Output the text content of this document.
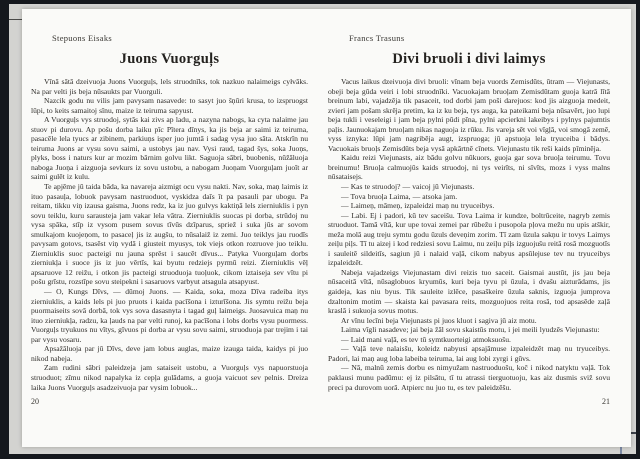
Stepuons Eisaks
Juons Vuorguļs

Vīnā sātā dzeivuoja Juons Vuorguļs, lels struodnīks, tok nazkuo nalaimeigs cyłvāks. Na par velti jis beja nūsaukts par Vuorguli.

Nazcik godu nu vilis jam pavysam nasavede: to sasyt juo šņūri krusa, to izspruogst lūpi, to keits samaitoj sīnu, maize iz teiruma sapyust.

A Vuorguļs vys struodoj, sytās kai zivs ap ladu, a nazyna nabogs, ka cyta nalaime jau stuov pi durovu. Ap pošu dorba laiku pīc Pītera dīnys, ka jis beja ar saimi iz teiruma, pasacēle lela tyucs ar zibinem, parkiuņs isper juo jumtā i sadag vysa juo sāta. Atskrīn nu teiruma Juons ar vysu sovu saimi, a ustobys jau nav. Vysi raud, tagad šys, soka Juoņs, plyks, boss i naturs kur ar mozim bārnim golvu likt. Saguoja sābri, buobenis, nūžāluoja naboga Juoņa i aizguoja sevkurs iz sovu ustobu, a nabogam Juoņam Vuorguļam juoīt ar saimi gulēt iz kulu.

Te apjēme jū taida bāda, ka navareja aizmigt ocu vysu nakti. Nav, soka, maņ laimis iz ituo pasauļa, lobuok pavysam nastruoduot, vyskidza daīs īt pa pasauli par ubogu. Pa reitam, tikku viņ izausa gaisma, Juons redz, ka iz juo gulvys kaktiņā lels zierniuklis i pyn sovu teiklu, kuru sarausteja jam vakar lela vātra. Zierniuklis suocas pi dorba, strūdoj nu vysa spāka, stīp iz vysom pusem sovus tīvūs dzīparus, spriež i suka jūs ar sovom smulkajom kuojeņom, to pasaceļ jis iz augšu, to nūsalaiž iz zemi. Juo teiklys jau ruodīs pavysam gotovs, tsasēst viņ vydā i giusteit myusys, tok viejs otkon rozruove juo teiklu. Zierniuklis suoc pacteigi nu jauna sprēst i saucēt dīvus... Patyka Vuorguļam dorbs zierniukļa i suoce jis iz juo vērtīs, kai byutu redziejs pyrmū reizi. Zierniuklis vēļ apsaruove 12 reižu, i otkon jis pacteigi struoduoja tuoļuok, cikom iztaiseja sev vītu pi pošu grīstu, rozstīpe sovu steipekni i sasaruovs varbyut atsagula atsapyust.

— O, Kungs Dīvs, — dūmoj Juons. — Kaida, soka, moza Dīva radeiba itys zierniuklis, a kaids lels pi juo pruots i kaida pacīšona i izturīšona. Jis symtu reižu beja puormaiseits sovā dorbā, tok vys sova dasasnyta i tagad guļ laimeigs. Juosavuica maņ nu ituo zierniukļa, radzu, ka ļauds na par velti runoj, ka pacīšona i lobs dorbs vysu puormess. Vuorguļs tryukuos nu vītys, gīvuos pi dorba ar vysu sovu saimi, struoduoja par trejim i tai par vysu vosaru.

Apsažāluoja par jū Dīvs, deve jam lobus auglas, maize izauga taida, kaidys pi juo nikod nabeja.

Zam rudini sābri paleidzeja jam sataiseit ustobu, a Vuorguļs vys napuorstuoja struoduot; zīmu nikod napalyka iz cepļa gulādams, a guoja vaicuot sev pelnis. Dreiza laika Juons Vuorguļs asadzeivuoja par vysim lobuok...

20
Francs Trasuns
Divi bruoli i divi laimys

Vacus laikus dzeivuoja divi bruoli: vīnam beja vuords Zemisdūts, ūtram — Viejunasts, obeji beja gūda veiri i lobi struodnīki. Vacuokajam bruoļam Zemisdūtam guoja katrā lītā breinum labi, vajadzēja tik pasaceit, tod dorbi jam poši darejuos: kod jis aizguoja medeit, zvieri jam pošam skrēja pretim, ka iz ku beja, tys auga, ka pateikami beja nūsavērt, juo lupi beja tukli i veseleigi i jam beja pylni pūdi pīna, pylni apcierkni lakeibys i pylnys pajumtis paļis. Jaunuokajam bruoļam nikas naguoja iz rūku. Jis vareja sēt voi vīgļā, voi smogā zemē, vyss iznyka: lūpi jam nagribēja augt, izspruoga; jū apstuoja lela tryuceiba i bādys. Vacuokais bruoļs Zemisdūts beja vysā apkārtnē cīnets. Viejunastu tik reši kaids pīminēja.

Kaidu reizi Viejunasts, aiz bādu golvu nūkuors, guoja gar sova bruoļa teirumu. Tovu breinumu! Bruoļa calmuojūs kaids struodoj, ni tys veirīts, ni sīvīts, mozs i vyss malns nūsataisejs.

— Kas te struodoj? — vaicoj jū Viejunasts.

— Tova bruoļa Laima, — atsoka jam.

— Laimeņ, māmeņ, izpaleidzi maņ nu tryuceibys.

— Labi. Ej i padori, kū tev saceišu. Tova Laima ir kundze, boltrūceite, nagryb zemis struoduot. Tamā vītā, kur upe tovai zemei par rūbežu i pusopola pļova mežu nu upis atškir, meža molā aug treju symtu godu ūzuls deveņim zorim. Tī zam ūzula sakņu ir tovys Laimys zeiļu piļs. Tī tu aizej i kod redziesi sovu Laimu, nu zeiļu piļs izguojušu reitā rosā mozguotīs i sauleitē sildeitīs, sagiun jū i nalaid vaļā, cikom nabyus apsūlejuse tev nu tryuceibys izpaleidzēt.

Nabeja vajadzeigs Viejunastam divi reizis tuo saceit. Gaismai austūt, jis jau beja nūsaceitā vītā, nūsaglobuos kryumūs, kuri beja tyvu pi ūzula, i dvašu aizturādams, jis gaideja, kas niu byus. Tik sauleite izlēce, pasaškeire ūzula saknis, izguoja jumprova dzaltonim motim — skaista kai pavasara reits, mozguojuos reita rosā, tod apsasēde zaļā kraslā i sukuoja sovus motus.

Ar vīnu lecīni beja Viejunasts pi juos kluot i sagiva jū aiz motu.

Laima vīgli nasadeve; jai beja žāl sovu skaistūs motu, i jei meili lyudzēs Viejunastu:

— Laid mani vaļā, es tev tū symtkuorteigi atmoksuošu.

— Vaļā teve nalaisšu, koleidz nabyusi apsajāmuse izpaleidzēt maņ nu tryuceibys. Padori, lai maņ aug loba labeiba teiruma, lai aug lobi zyrgi i gūvs.

— Nā, malnū zemis dorbu es nimyužam nastruoduošu, koč i nikod natyktu vaļā. Tok paklausi munu padūmu: ej iz pilsātu, tī tu atrassi tierguotuoju, kas aiz dusmis sviž sovu preci pa durovom uorā. Atpierc nu juo tu, es tev paleidzēšu.

21
